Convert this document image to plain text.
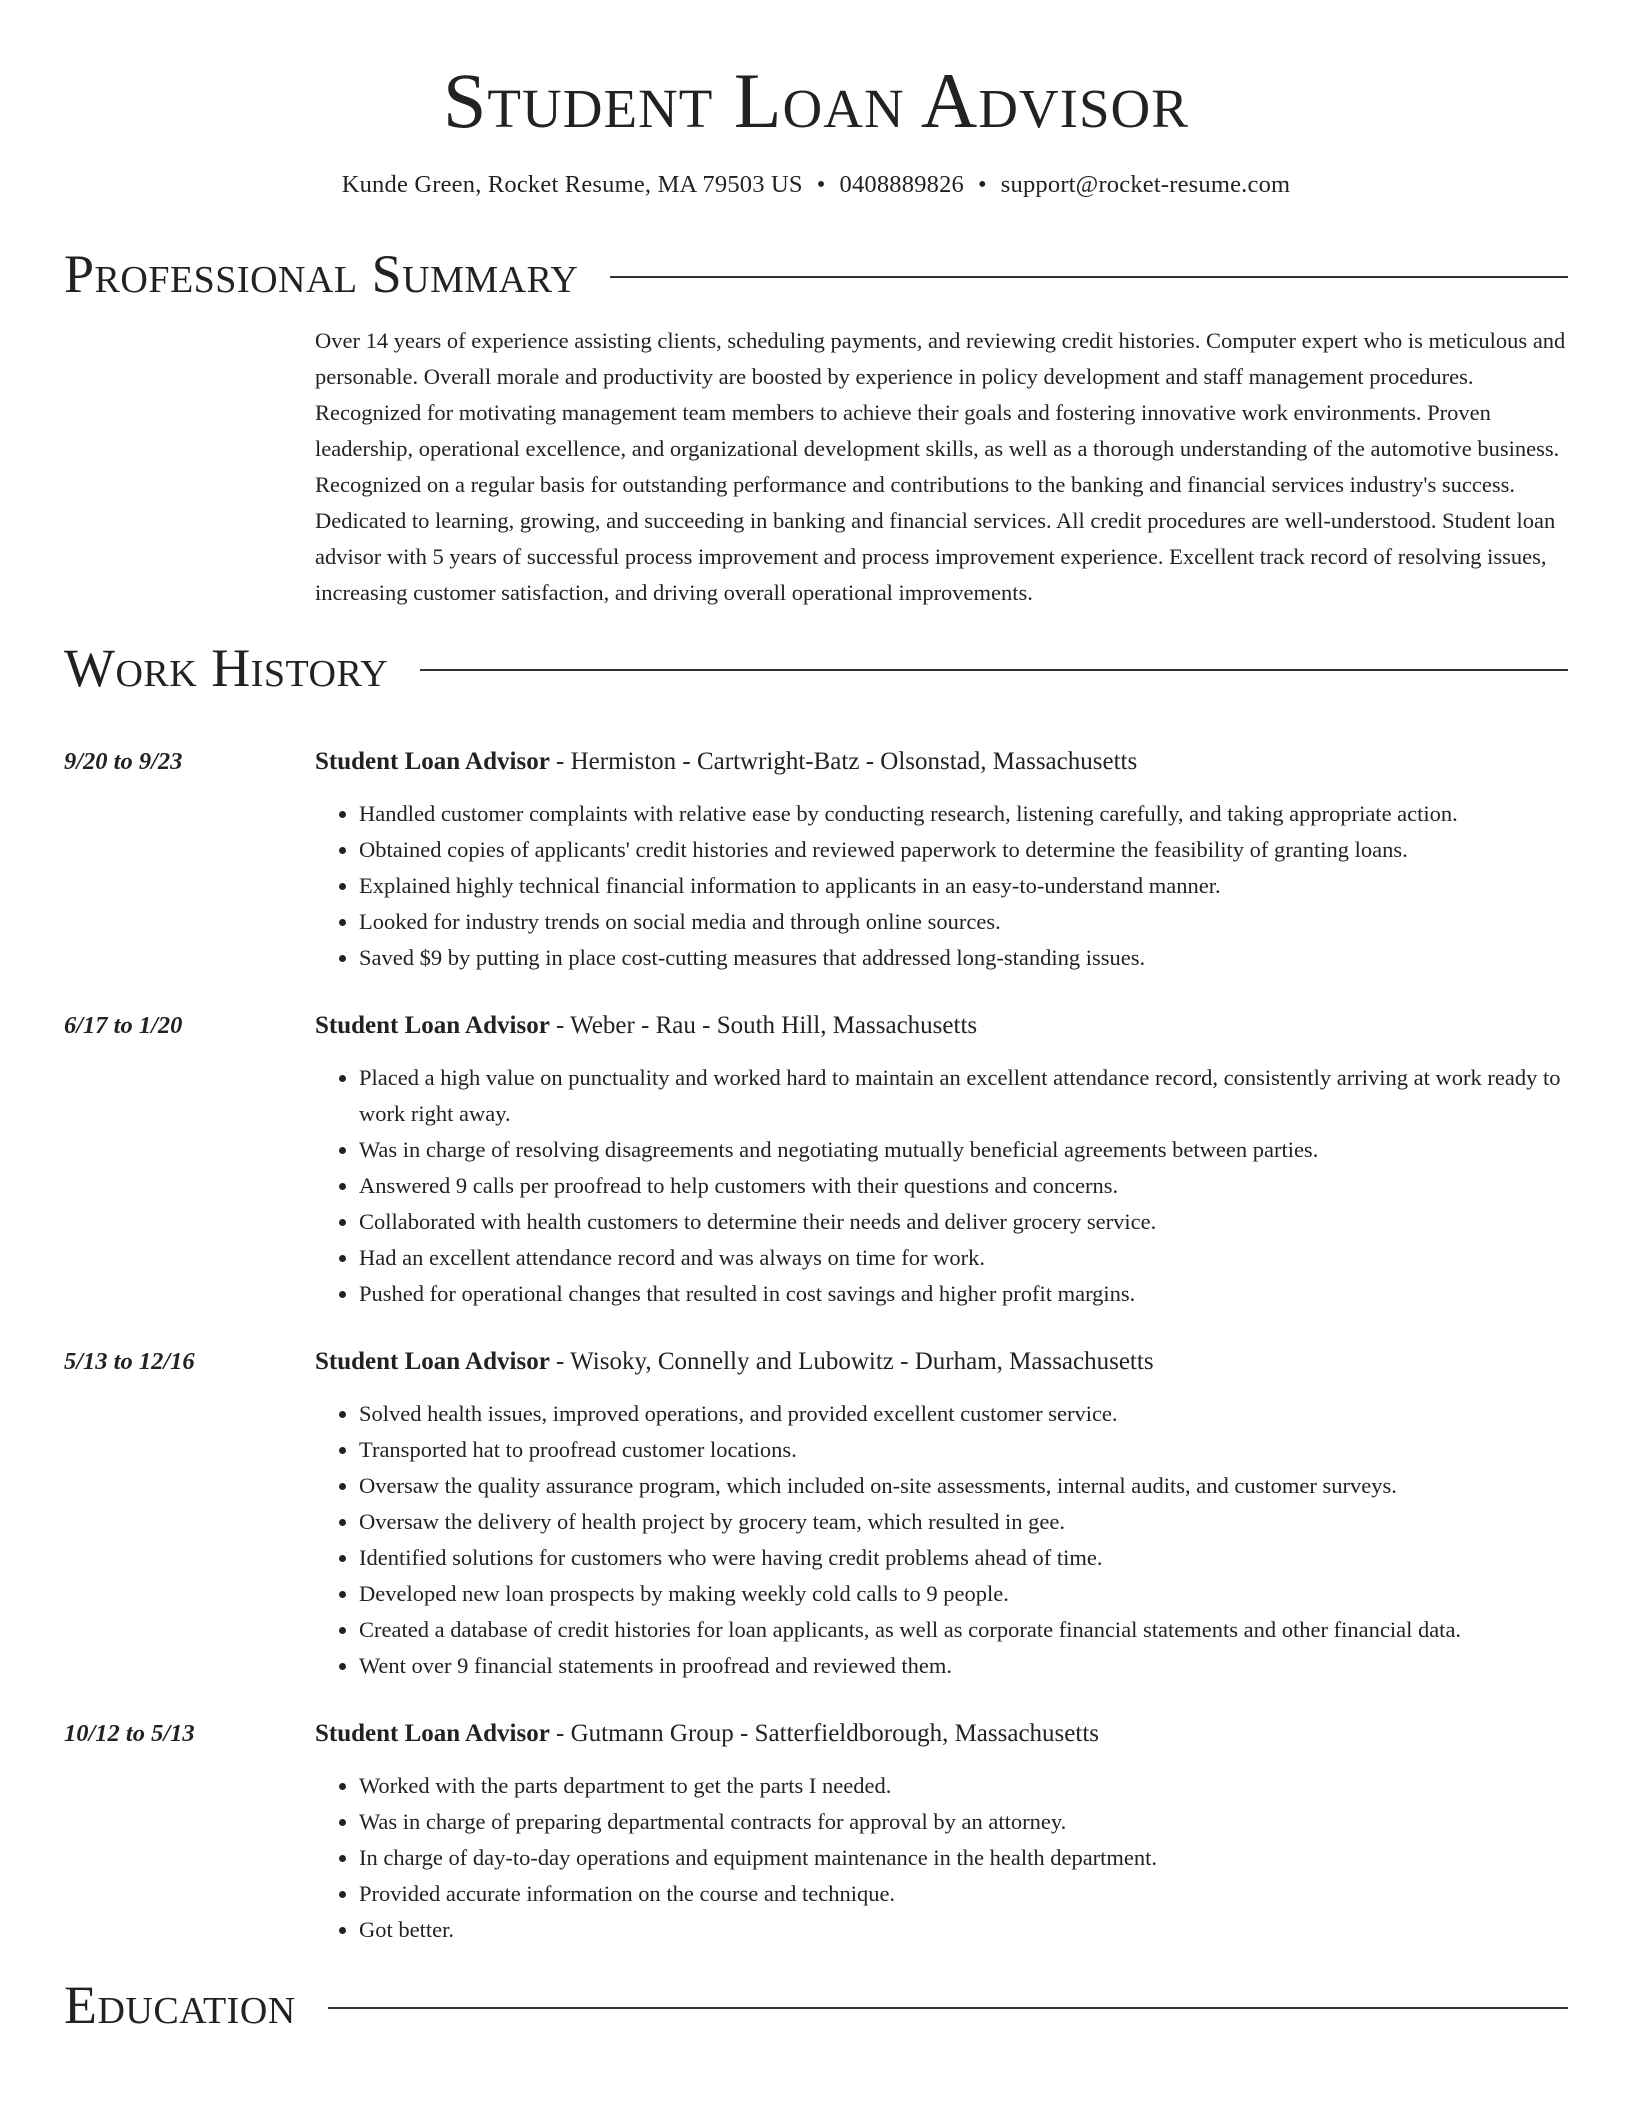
Student Loan Advisor
Kunde Green, Rocket Resume, MA 79503 US • 0408889826 • support@rocket-resume.com
Professional Summary
Over 14 years of experience assisting clients, scheduling payments, and reviewing credit histories. Computer expert who is meticulous and personable. Overall morale and productivity are boosted by experience in policy development and staff management procedures. Recognized for motivating management team members to achieve their goals and fostering innovative work environments. Proven leadership, operational excellence, and organizational development skills, as well as a thorough understanding of the automotive business. Recognized on a regular basis for outstanding performance and contributions to the banking and financial services industry's success. Dedicated to learning, growing, and succeeding in banking and financial services. All credit procedures are well-understood. Student loan advisor with 5 years of successful process improvement and process improvement experience. Excellent track record of resolving issues, increasing customer satisfaction, and driving overall operational improvements.
Work History
9/20 to 9/23	Student Loan Advisor - Hermiston - Cartwright-Batz - Olsonstad, Massachusetts
• Handled customer complaints with relative ease by conducting research, listening carefully, and taking appropriate action.
• Obtained copies of applicants' credit histories and reviewed paperwork to determine the feasibility of granting loans.
• Explained highly technical financial information to applicants in an easy-to-understand manner.
• Looked for industry trends on social media and through online sources.
• Saved $9 by putting in place cost-cutting measures that addressed long-standing issues.
6/17 to 1/20	Student Loan Advisor - Weber - Rau - South Hill, Massachusetts
• Placed a high value on punctuality and worked hard to maintain an excellent attendance record, consistently arriving at work ready to work right away.
• Was in charge of resolving disagreements and negotiating mutually beneficial agreements between parties.
• Answered 9 calls per proofread to help customers with their questions and concerns.
• Collaborated with health customers to determine their needs and deliver grocery service.
• Had an excellent attendance record and was always on time for work.
• Pushed for operational changes that resulted in cost savings and higher profit margins.
5/13 to 12/16	Student Loan Advisor - Wisoky, Connelly and Lubowitz - Durham, Massachusetts
• Solved health issues, improved operations, and provided excellent customer service.
• Transported hat to proofread customer locations.
• Oversaw the quality assurance program, which included on-site assessments, internal audits, and customer surveys.
• Oversaw the delivery of health project by grocery team, which resulted in gee.
• Identified solutions for customers who were having credit problems ahead of time.
• Developed new loan prospects by making weekly cold calls to 9 people.
• Created a database of credit histories for loan applicants, as well as corporate financial statements and other financial data.
• Went over 9 financial statements in proofread and reviewed them.
10/12 to 5/13	Student Loan Advisor - Gutmann Group - Satterfieldborough, Massachusetts
• Worked with the parts department to get the parts I needed.
• Was in charge of preparing departmental contracts for approval by an attorney.
• In charge of day-to-day operations and equipment maintenance in the health department.
• Provided accurate information on the course and technique.
• Got better.
Education
